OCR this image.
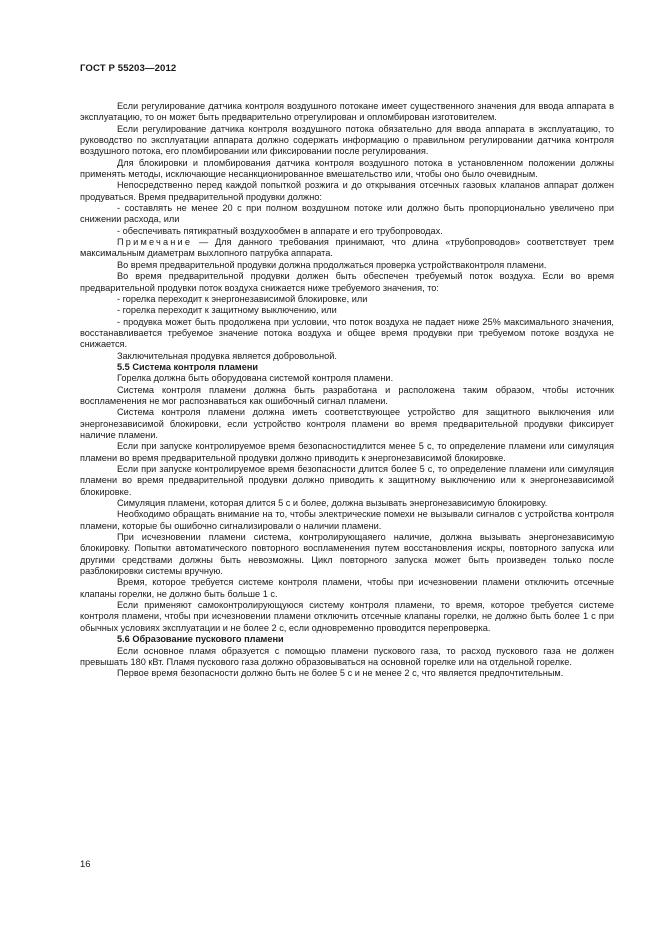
ГОСТ Р 55203—2012

Если регулирование датчика контроля воздушного потокане имеет существенного значения для ввода аппарата в эксплуатацию, то он может быть предварительно отрегулирован и опломбирован изготовителем.

Если регулирование датчика контроля воздушного потока обязательно для ввода аппарата в эксплуатацию, то руководство по эксплуатации аппарата должно содержать информацию о правильном регулировании датчика контроля воздушного потока, его пломбировании или фиксировании после регулирования.

Для блокировки и пломбирования датчика контроля воздушного потока в установленном положении должны применять методы, исключающие несанкционированное вмешательство или, чтобы оно было очевидным.

Непосредственно перед каждой попыткой розжига и до открывания отсечных газовых клапанов аппарат должен продуваться. Время предварительной продувки должно:

- составлять не менее 20 с при полном воздушном потоке или должно быть пропорционально увеличено при снижении расхода, или

- обеспечивать пятикратный воздухообмен в аппарате и его трубопроводах.

Примечание — Для данного требования принимают, что длина «трубопроводов» соответствует трем максимальным диаметрам выхлопного патрубка аппарата.

Во время предварительной продувки должна продолжаться проверка устройстваконтроля пламени.

Во время предварительной продувки должен быть обеспечен требуемый поток воздуха. Если во время предварительной продувки поток воздуха снижается ниже требуемого значения, то:

- горелка переходит к энергонезависимой блокировке, или

- горелка переходит к защитному выключению, или

- продувка может быть продолжена при условии, что поток воздуха не падает ниже 25% максимального значения, восстанавливается требуемое значение потока воздуха и общее время продувки при требуемом потоке воздуха не снижается.

Заключительная продувка является добровольной.

5.5 Система контроля пламени

Горелка должна быть оборудована системой контроля пламени.

Система контроля пламени должна быть разработана и расположена таким образом, чтобы источник воспламенения не мог распознаваться как ошибочный сигнал пламени.

Система контроля пламени должна иметь соответствующее устройство для защитного выключения или энергонезависимой блокировки, если устройство контроля пламени во время предварительной продувки фиксирует наличие пламени.

Если при запуске контролируемое время безопасностидлится менее 5 с, то определение пламени или симуляция пламени во время предварительной продувки должно приводить к энергонезависимой блокировке.

Если при запуске контролируемое время безопасности длится более 5 с, то определение пламени или симуляция пламени во время предварительной продувки должно приводить к защитному выключению или к энергонезависимой блокировке.

Симуляция пламени, которая длится 5 с и более, должна вызывать энергонезависимую блокировку.

Необходимо обращать внимание на то, чтобы электрические помехи не вызывали сигналов с устройства контроля пламени, которые бы ошибочно сигнализировали о наличии пламени.

При исчезновении пламени система, контролирующаяего наличие, должна вызывать энергонезависимую блокировку. Попытки автоматического повторного воспламенения путем восстановления искры, повторного запуска или другими средствами должны быть невозможны. Цикл повторного запуска может быть произведен только после разблокировки системы вручную.

Время, которое требуется системе контроля пламени, чтобы при исчезновении пламени отключить отсечные клапаны горелки, не должно быть больше 1 с.

Если применяют самоконтролирующуюся систему контроля пламени, то время, которое требуется системе контроля пламени, чтобы при исчезновении пламени отключить отсечные клапаны горелки, не должно быть более 1 с при обычных условиях эксплуатации и не более 2 с, если одновременно проводится перепроверка.

5.6 Образование пускового пламени

Если основное пламя образуется с помощью пламени пускового газа, то расход пускового газа не должен превышать 180 кВт. Пламя пускового газа должно образовываться на основной горелке или на отдельной горелке.

Первое время безопасности должно быть не более 5 с и не менее 2 с, что является предпочтительным.

16
